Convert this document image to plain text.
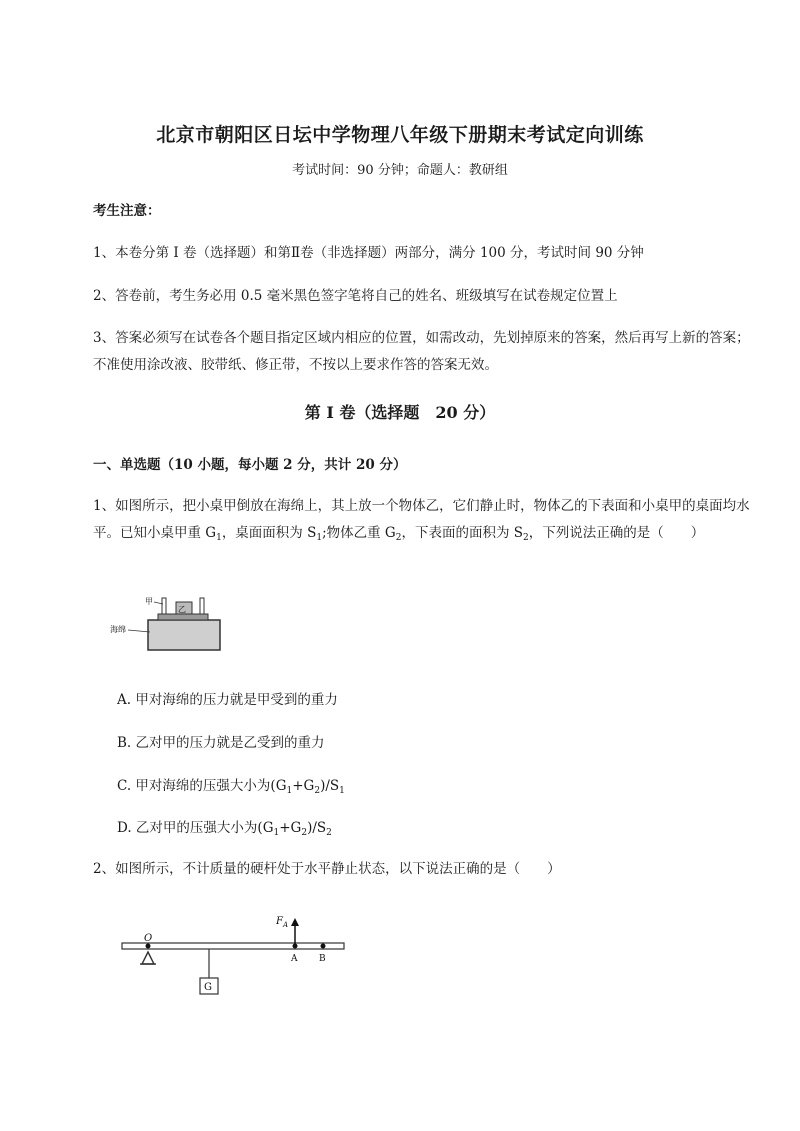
北京市朝阳区日坛中学物理八年级下册期末考试定向训练
考试时间：90 分钟；命题人：教研组
考生注意：
1、本卷分第 I 卷（选择题）和第Ⅱ卷（非选择题）两部分，满分 100 分，考试时间 90 分钟
2、答卷前，考生务必用 0.5 毫米黑色签字笔将自己的姓名、班级填写在试卷规定位置上
3、答案必须写在试卷各个题目指定区域内相应的位置，如需改动，先划掉原来的答案，然后再写上新的答案；不准使用涂改液、胶带纸、修正带，不按以上要求作答的答案无效。
第 I 卷（选择题　20 分）
一、单选题（10 小题，每小题 2 分，共计 20 分）
1、如图所示，把小桌甲倒放在海绵上，其上放一个物体乙，它们静止时，物体乙的下表面和小桌甲的桌面均水平。已知小桌甲重 $G_1$，桌面面积为 $S_1$;物体乙重 $G_2$，下表面的面积为 $S_2$，下列说法正确的是（　　）
乙
甲
海绵
A. 甲对海绵的压力就是甲受到的重力
B. 乙对甲的压力就是乙受到的重力
C. 甲对海绵的压强大小为$(G_1+G_2)/S_1$
D. 乙对甲的压强大小为$(G_1+G_2)/S_2$
2、如图所示，不计质量的硬杆处于水平静止状态，以下说法正确的是（　　）
O
G
$F_A$
A B
